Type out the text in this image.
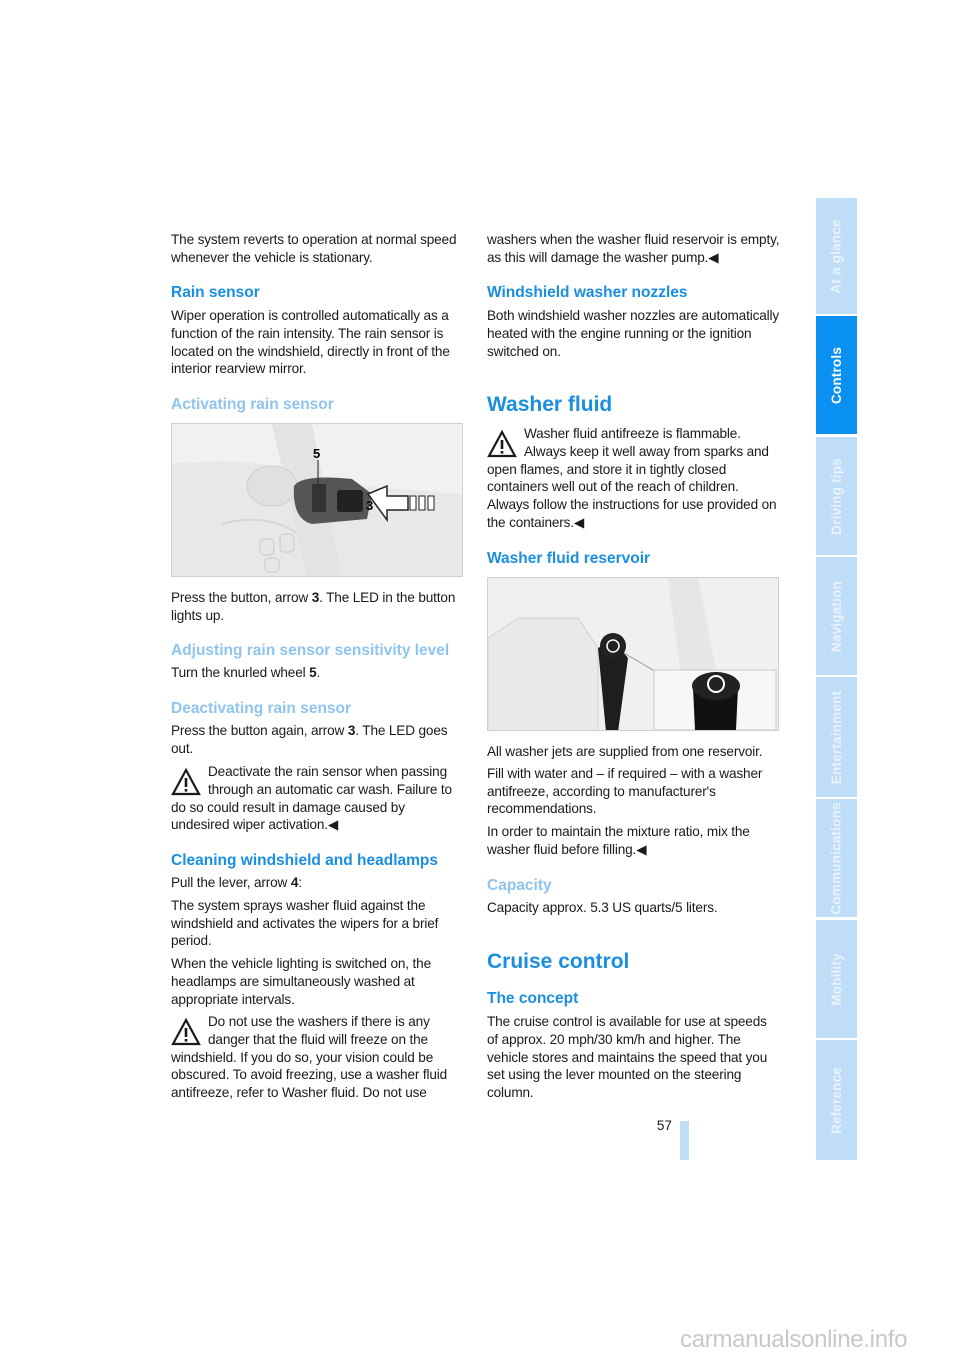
The system reverts to operation at normal speed whenever the vehicle is stationary.

Rain sensor

Wiper operation is controlled automatically as a function of the rain intensity. The rain sensor is located on the windshield, directly in front of the interior rearview mirror.

Activating rain sensor
5
3

Press the button, arrow 3. The LED in the button lights up.

Adjusting rain sensor sensitivity level

Turn the knurled wheel 5.

Deactivating rain sensor

Press the button again, arrow 3. The LED goes out.

Deactivate the rain sensor when passing through an automatic car wash. Failure to do so could result in damage caused by undesired wiper activation.◀

Cleaning windshield and headlamps

Pull the lever, arrow 4:

The system sprays washer fluid against the windshield and activates the wipers for a brief period.

When the vehicle lighting is switched on, the headlamps are simultaneously washed at appropriate intervals.

Do not use the washers if there is any danger that the fluid will freeze on the windshield. If you do so, your vision could be obscured. To avoid freezing, use a washer fluid antifreeze, refer to Washer fluid. Do not use

washers when the washer fluid reservoir is empty, as this will damage the washer pump.◀

Windshield washer nozzles

Both windshield washer nozzles are automatically heated with the engine running or the ignition switched on.

Washer fluid

Washer fluid antifreeze is flammable. Always keep it well away from sparks and open flames, and store it in tightly closed containers well out of the reach of children. Always follow the instructions for use provided on the containers.◀

Washer fluid reservoir

All washer jets are supplied from one reservoir.

Fill with water and – if required – with a washer antifreeze, according to manufacturer's recommendations.

In order to maintain the mixture ratio, mix the washer fluid before filling.◀

Capacity

Capacity approx. 5.3 US quarts/5 liters.

Cruise control
The concept

The cruise control is available for use at speeds of approx. 20 mph/30 km/h and higher. The vehicle stores and maintains the speed that you set using the lever mounted on the steering column.

At a glance
Controls
Driving tips
Navigation
Entertainment
Communications
Mobility
Reference
57
carmanualsonline.info
